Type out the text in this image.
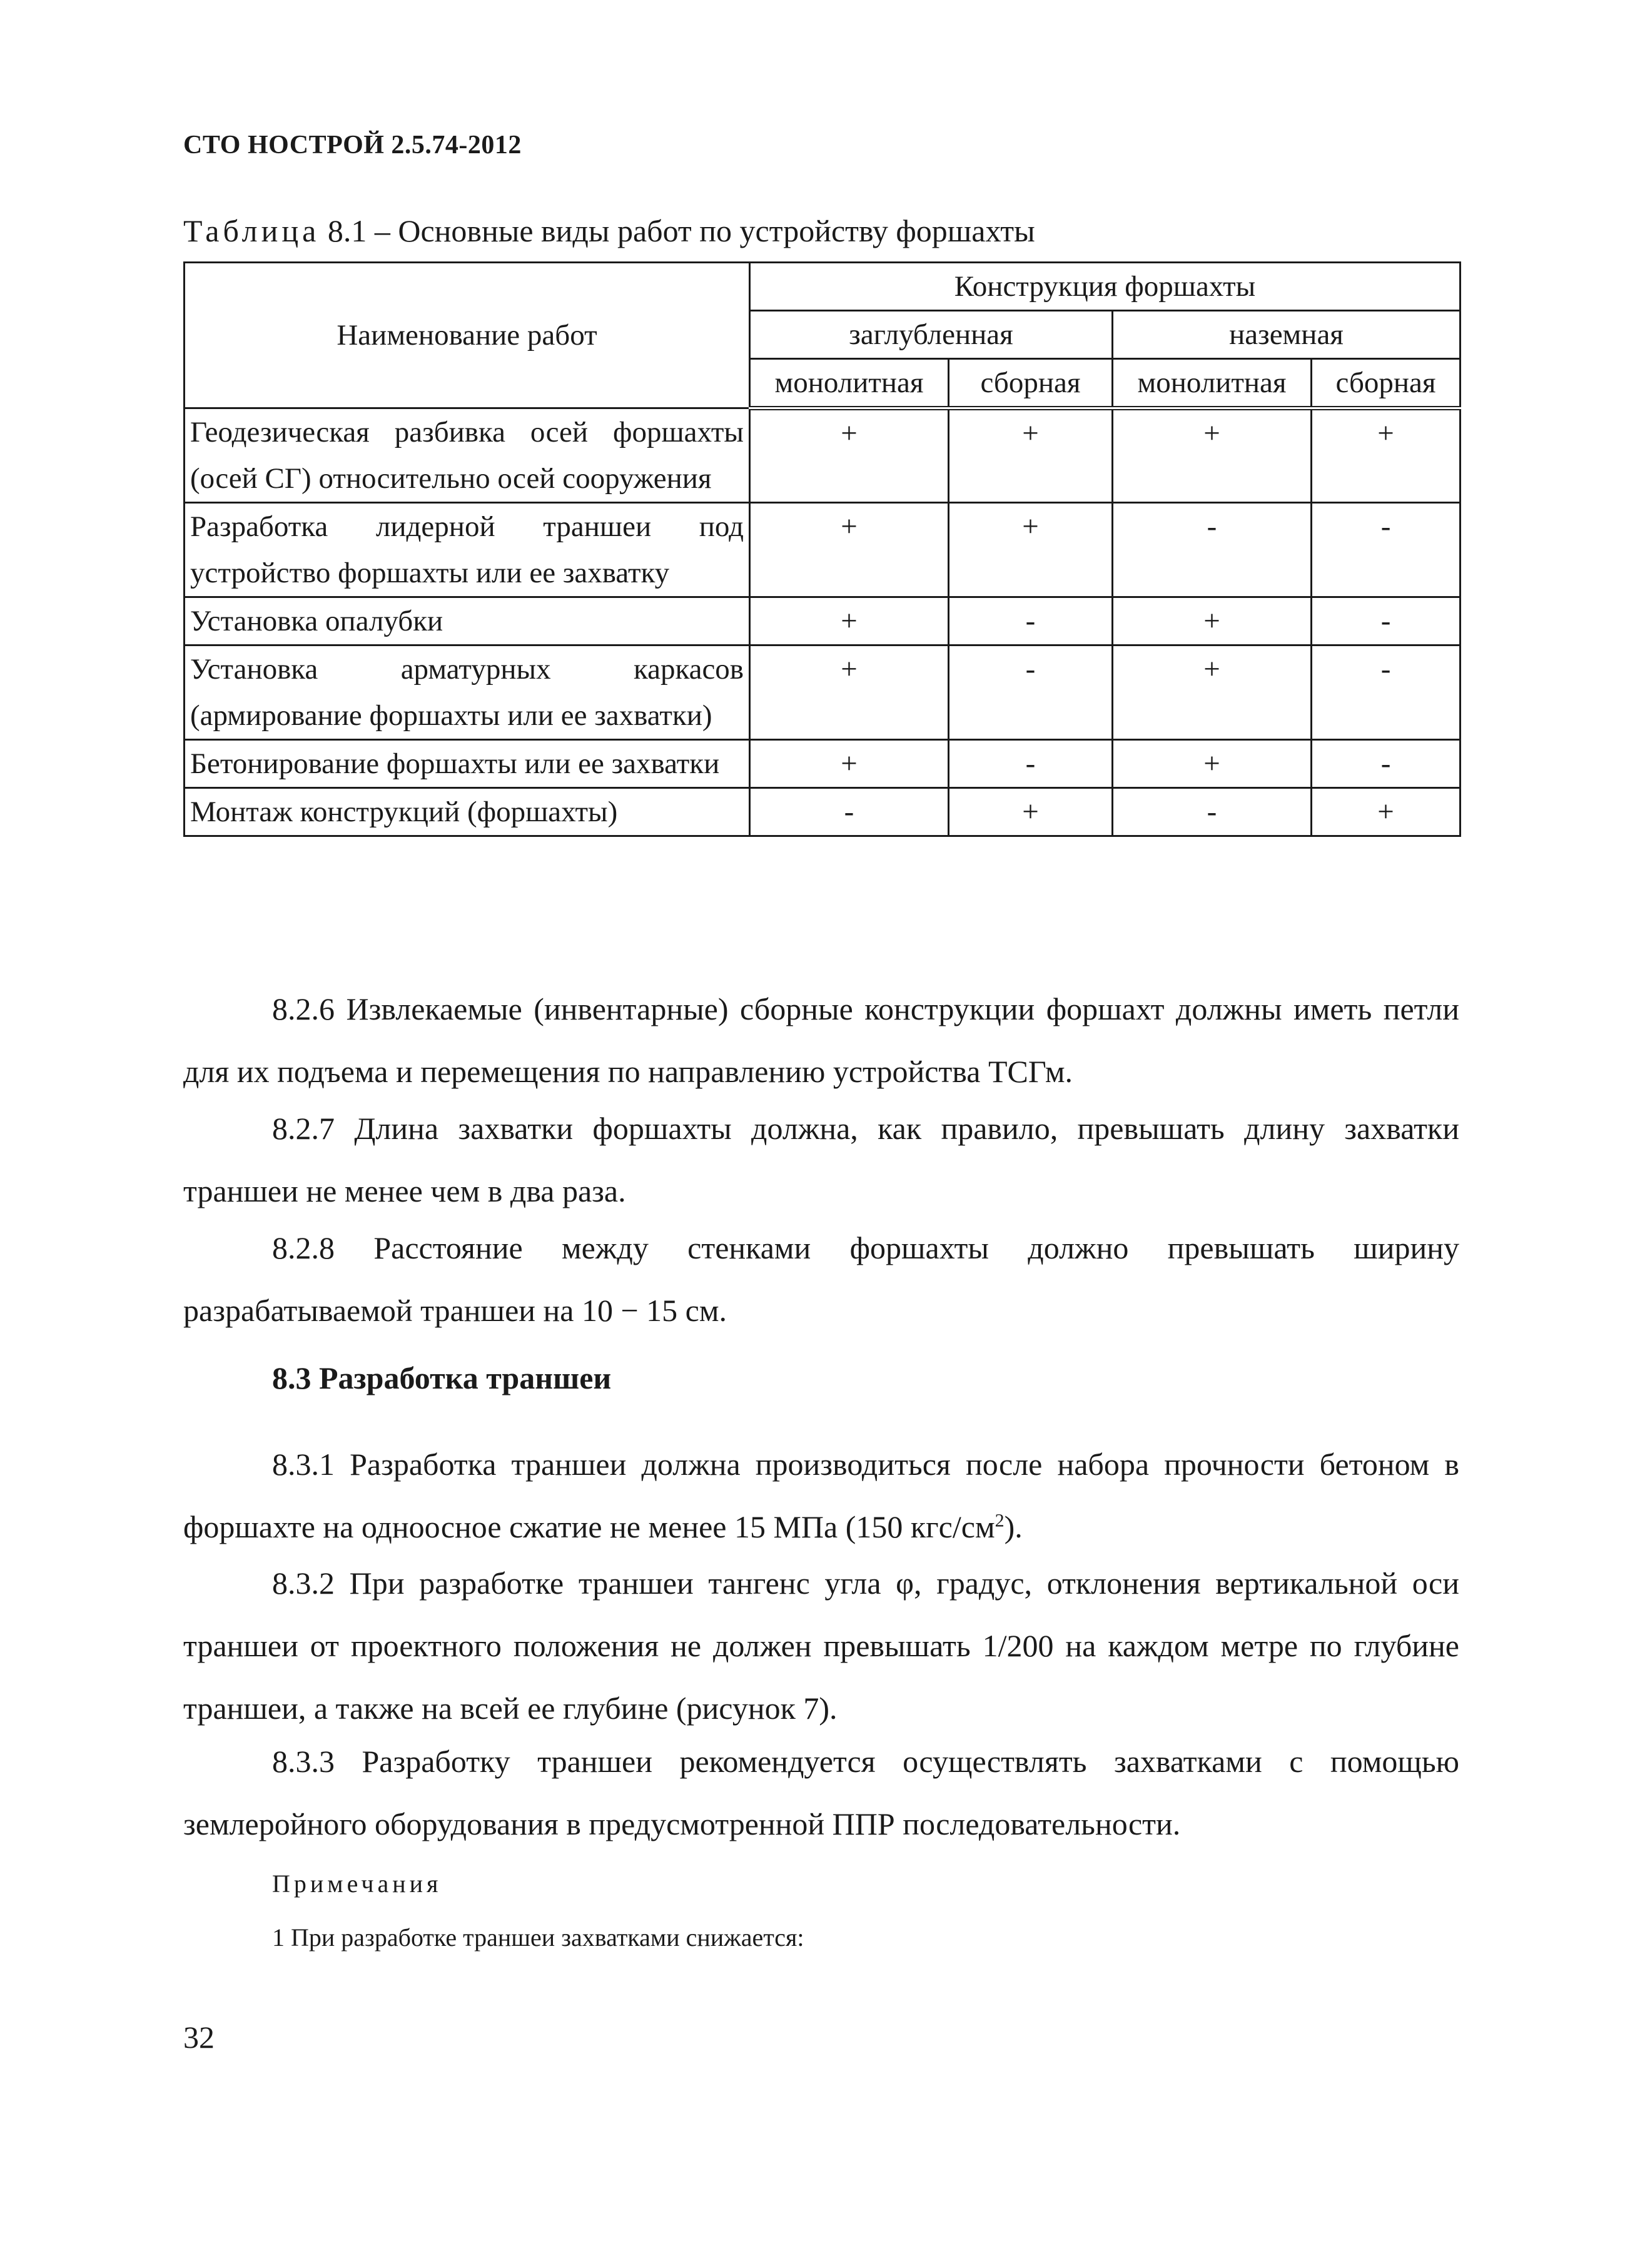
СТО НОСТРОЙ 2.5.74-2012
Таблица 8.1 – Основные виды работ по устройству форшахты
Наименование работ	Конструкция форшахты			
	заглубленная		наземная	
	монолитная	сборная	монолитная	сборная
Геодезическая разбивка осей форшахты (осей СГ) относительно осей сооружения	+	+	+	+
Разработка лидерной траншеи под устройство форшахты или ее захватку	+	+	-	-
Установка опалубки	+	-	+	-
Установка арматурных каркасов (армирование форшахты или ее захватки)	+	-	+	-
Бетонирование форшахты или ее захватки	+	-	+	-
Монтаж конструкций (форшахты)	-	+	-	+
8.2.6 Извлекаемые (инвентарные) сборные конструкции форшахт должны иметь петли для их подъема и перемещения по направлению устройства ТСГм.
8.2.7 Длина захватки форшахты должна, как правило, превышать длину захватки траншеи не менее чем в два раза.
8.2.8 Расстояние между стенками форшахты должно превышать ширину разрабатываемой траншеи на 10 − 15 см.
8.3 Разработка траншеи
8.3.1 Разработка траншеи должна производиться после набора прочности бетоном в форшахте на одноосное сжатие не менее 15 МПа (150 кгс/$см^2$).
8.3.2 При разработке траншеи тангенс угла φ, градус, отклонения вертикальной оси траншеи от проектного положения не должен превышать 1/200 на каждом метре по глубине траншеи, а также на всей ее глубине (рисунок 7).
8.3.3 Разработку траншеи рекомендуется осуществлять захватками с помощью землеройного оборудования в предусмотренной ППР последовательности.
Примечания
1 При разработке траншеи захватками снижается:
32
